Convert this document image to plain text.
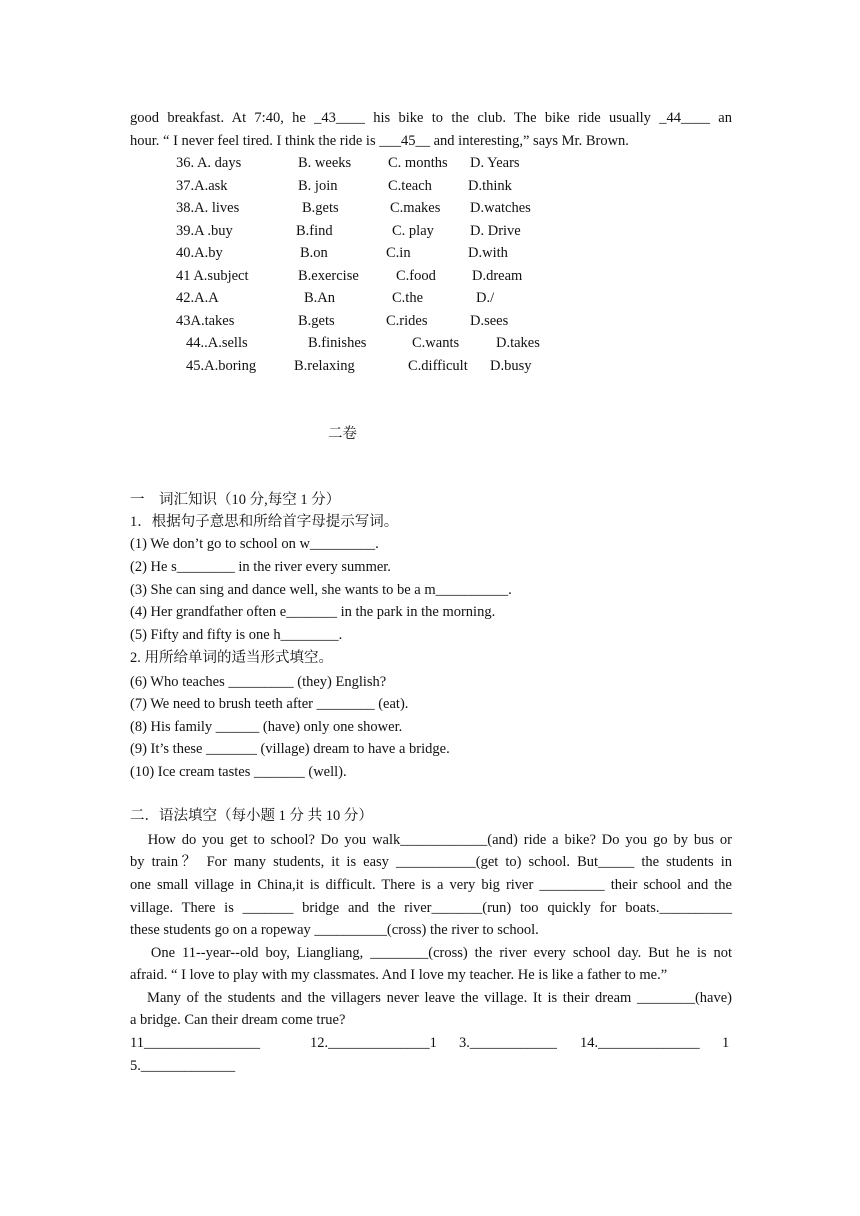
good breakfast. At 7:40, he _43____ his bike to the club. The bike ride usually _44____ an
hour. “ I never feel tired. I think the ride is ___45__ and interesting,” says Mr. Brown.
36. A. days	B. weeks	C. months D. Years
37.A.ask	B. join	C.teach D.think
38.A. lives	B.gets	C.makes D.watches
39.A .buy	B.find	C. play D. Drive
40.A.by	B.on	C.in	D.with
41 A.subject	B.exercise	C.food D.dream
42.A.A	B.An	C.the	D./
43A.takes	B.gets	C.rides	D.sees
44..A.sells	B.finishes	C.wants	D.takes
45.A.boring	B.relaxing	C.difficult D.busy
二卷
一　词汇知识（10 分,每空 1 分）
1．根据句子意思和所给首字母提示写词。
(1) We don’t go to school on w_________.
(2) He s________ in the river every summer.
(3) She can sing and dance well, she wants to be a m__________.
(4) Her grandfather often e_______ in the park in the morning.
(5) Fifty and fifty is one h________.
2. 用所给单词的适当形式填空。
(6) Who teaches _________ (they) English?
(7) We need to brush teeth after ________ (eat).
(8) His family ______ (have) only one shower.
(9) It’s these _______ (village) dream to have a bridge.
(10) Ice cream tastes _______ (well).
二．语法填空（每小题 1 分 共 10 分）
How do you get to school? Do you walk____________(and) ride a bike? Do you go by bus or
by train？ For many students, it is easy ___________(get to) school. But_____ the students in
one small village in China,it is difficult. There is a very big river _________ their school and the
village. There is _______ bridge and the river_______(run) too quickly for boats.__________
these students go on a ropeway __________(cross) the river to school.
One 11--year--old boy, Liangliang, ________(cross) the river every school day. But he is not
afraid. “ I love to play with my classmates. And I love my teacher. He is like a father to me.”
Many of the students and the villagers never leave the village. It is their dream ________(have)
a bridge. Can their dream come true?
11________________	12.______________1 3.____________ 14.______________ 1
5._____________
